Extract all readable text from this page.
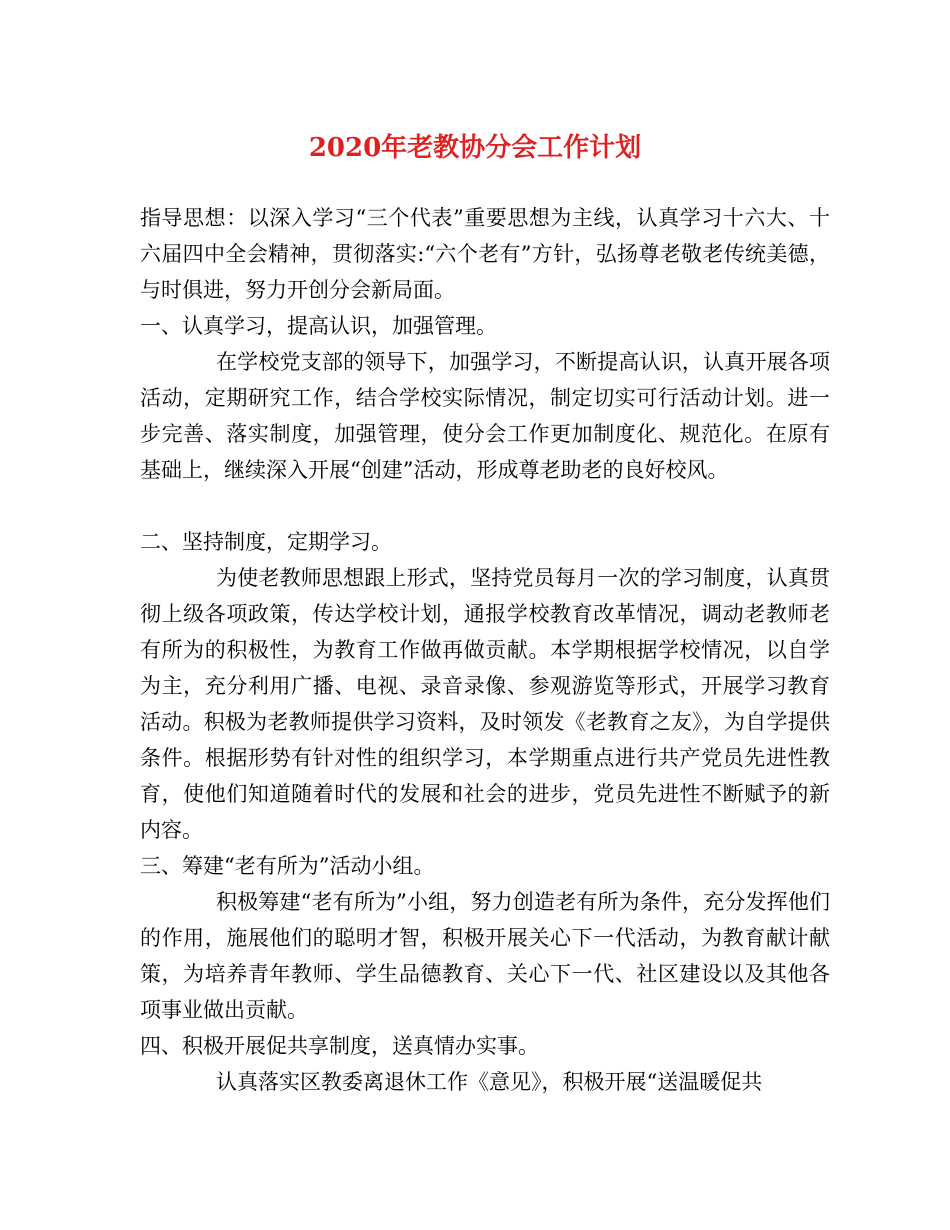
2020年老教协分会工作计划

指导思想：以深入学习“三个代表”重要思想为主线，认真学习十六大、十六届四中全会精神，贯彻落实:“六个老有”方针，弘扬尊老敬老传统美德，与时俱进，努力开创分会新局面。

一、认真学习，提高认识，加强管理。

在学校党支部的领导下，加强学习，不断提高认识，认真开展各项活动，定期研究工作，结合学校实际情况，制定切实可行活动计划。进一步完善、落实制度，加强管理，使分会工作更加制度化、规范化。在原有基础上，继续深入开展“创建”活动，形成尊老助老的良好校风。

二、坚持制度，定期学习。

为使老教师思想跟上形式，坚持党员每月一次的学习制度，认真贯彻上级各项政策，传达学校计划，通报学校教育改革情况，调动老教师老有所为的积极性，为教育工作做再做贡献。本学期根据学校情况，以自学为主，充分利用广播、电视、录音录像、参观游览等形式，开展学习教育活动。积极为老教师提供学习资料，及时领发《老教育之友》，为自学提供条件。根据形势有针对性的组织学习，本学期重点进行共产党员先进性教育，使他们知道随着时代的发展和社会的进步，党员先进性不断赋予的新内容。

三、筹建“老有所为”活动小组。

积极筹建“老有所为”小组，努力创造老有所为条件，充分发挥他们的作用，施展他们的聪明才智，积极开展关心下一代活动，为教育献计献策，为培养青年教师、学生品德教育、关心下一代、社区建设以及其他各项事业做出贡献。

四、积极开展促共享制度，送真情办实事。

认真落实区教委离退休工作《意见》，积极开展“送温暖促共
